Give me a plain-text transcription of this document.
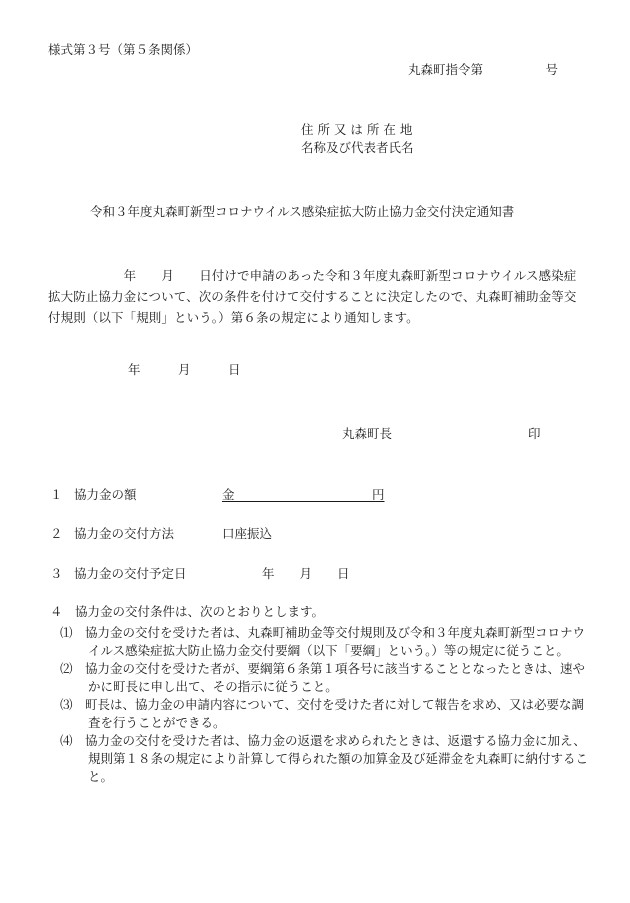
様式第３号（第５条関係）
丸森町指令第　　　　　号
住 所 又 は 所 在 地
名称及び代表者氏名
令和３年度丸森町新型コロナウイルス感染症拡大防止協力金交付決定通知書
　　　　　　年　　月　　日付けで申請のあった令和３年度丸森町新型コロナウイルス感染症拡大防止協力金について、次の条件を付けて交付することに決定したので、丸森町補助金等交付規則（以下「規則」という。）第６条の規定により通知します。
年　　　月　　　日
丸森町長	印
１ 協力金の額	金　　　　　　　　　　　円
２ 協力金の交付方法	口座振込
３ 協力金の交付予定日	年　　月　　日
４　協力金の交付条件は、次のとおりとします。
⑴　 協力金の交付を受けた者は、丸森町補助金等交付規則及び令和３年度丸森町新型コロナウイルス感染症拡大防止協力金交付要綱（以下「要綱」という。）等の規定に従うこと。
⑵　 協力金の交付を受けた者が、要綱第６条第１項各号に該当することとなったときは、速やかに町長に申し出て、その指示に従うこと。
⑶　 町長は、協力金の申請内容について、交付を受けた者に対して報告を求め、又は必要な調査を行うことができる。
⑷　 協力金の交付を受けた者は、協力金の返還を求められたときは、返還する協力金に加え、規則第１８条の規定により計算して得られた額の加算金及び延滞金を丸森町に納付すること。
